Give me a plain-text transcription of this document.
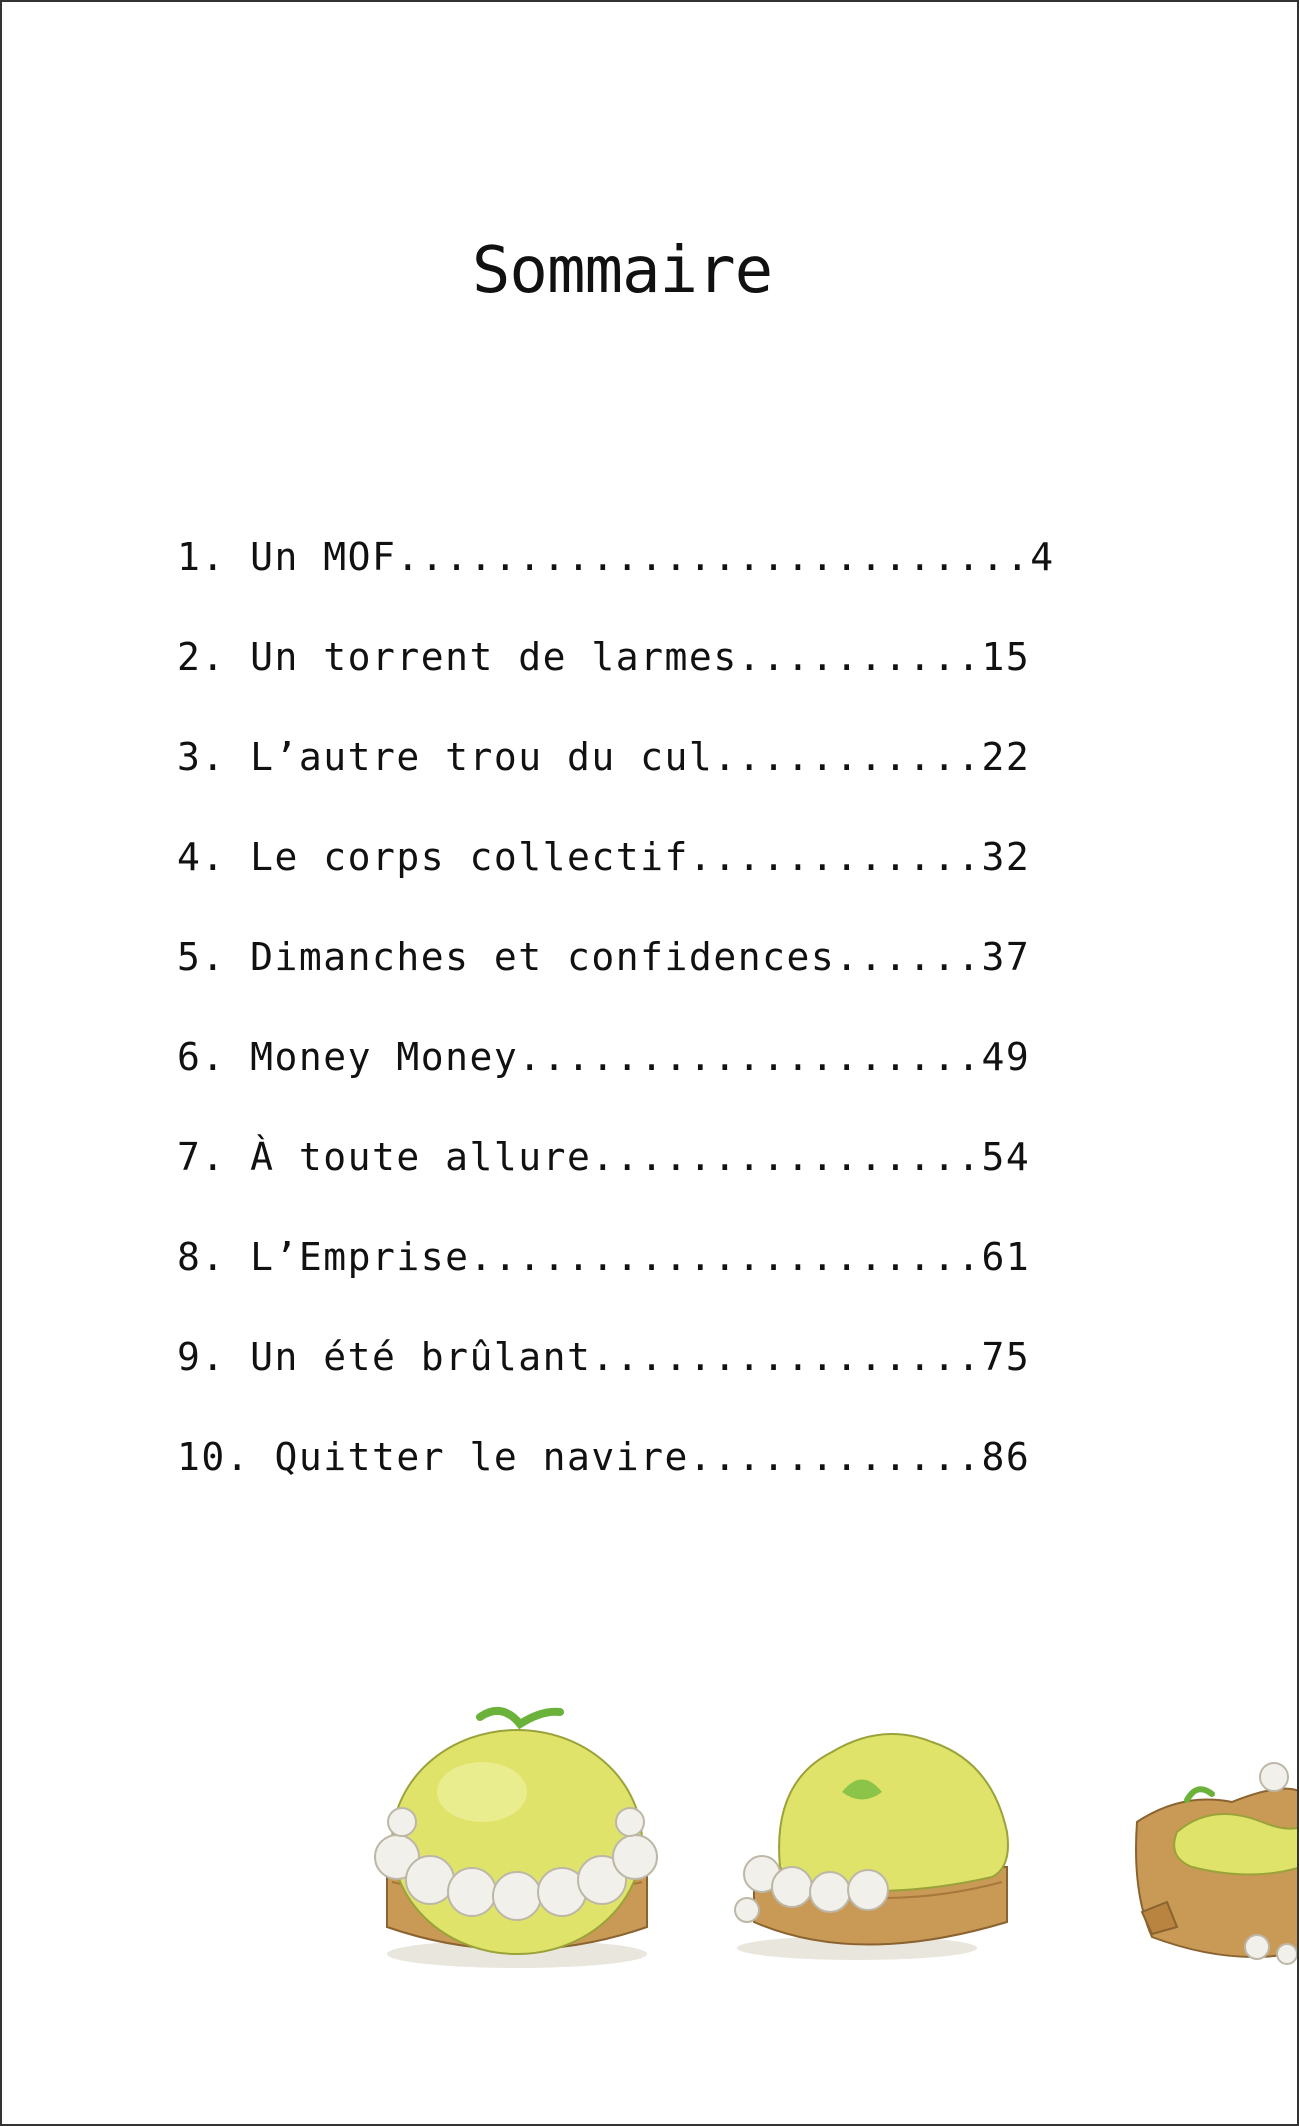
Sommaire
1. Un MOF..........................4
2. Un torrent de larmes..........15
3. L’autre trou du cul...........22
4. Le corps collectif............32
5. Dimanches et confidences......37
6. Money Money...................49
7. À toute allure................54
8. L’Emprise.....................61
9. Un été brûlant................75
10. Quitter le navire............86
